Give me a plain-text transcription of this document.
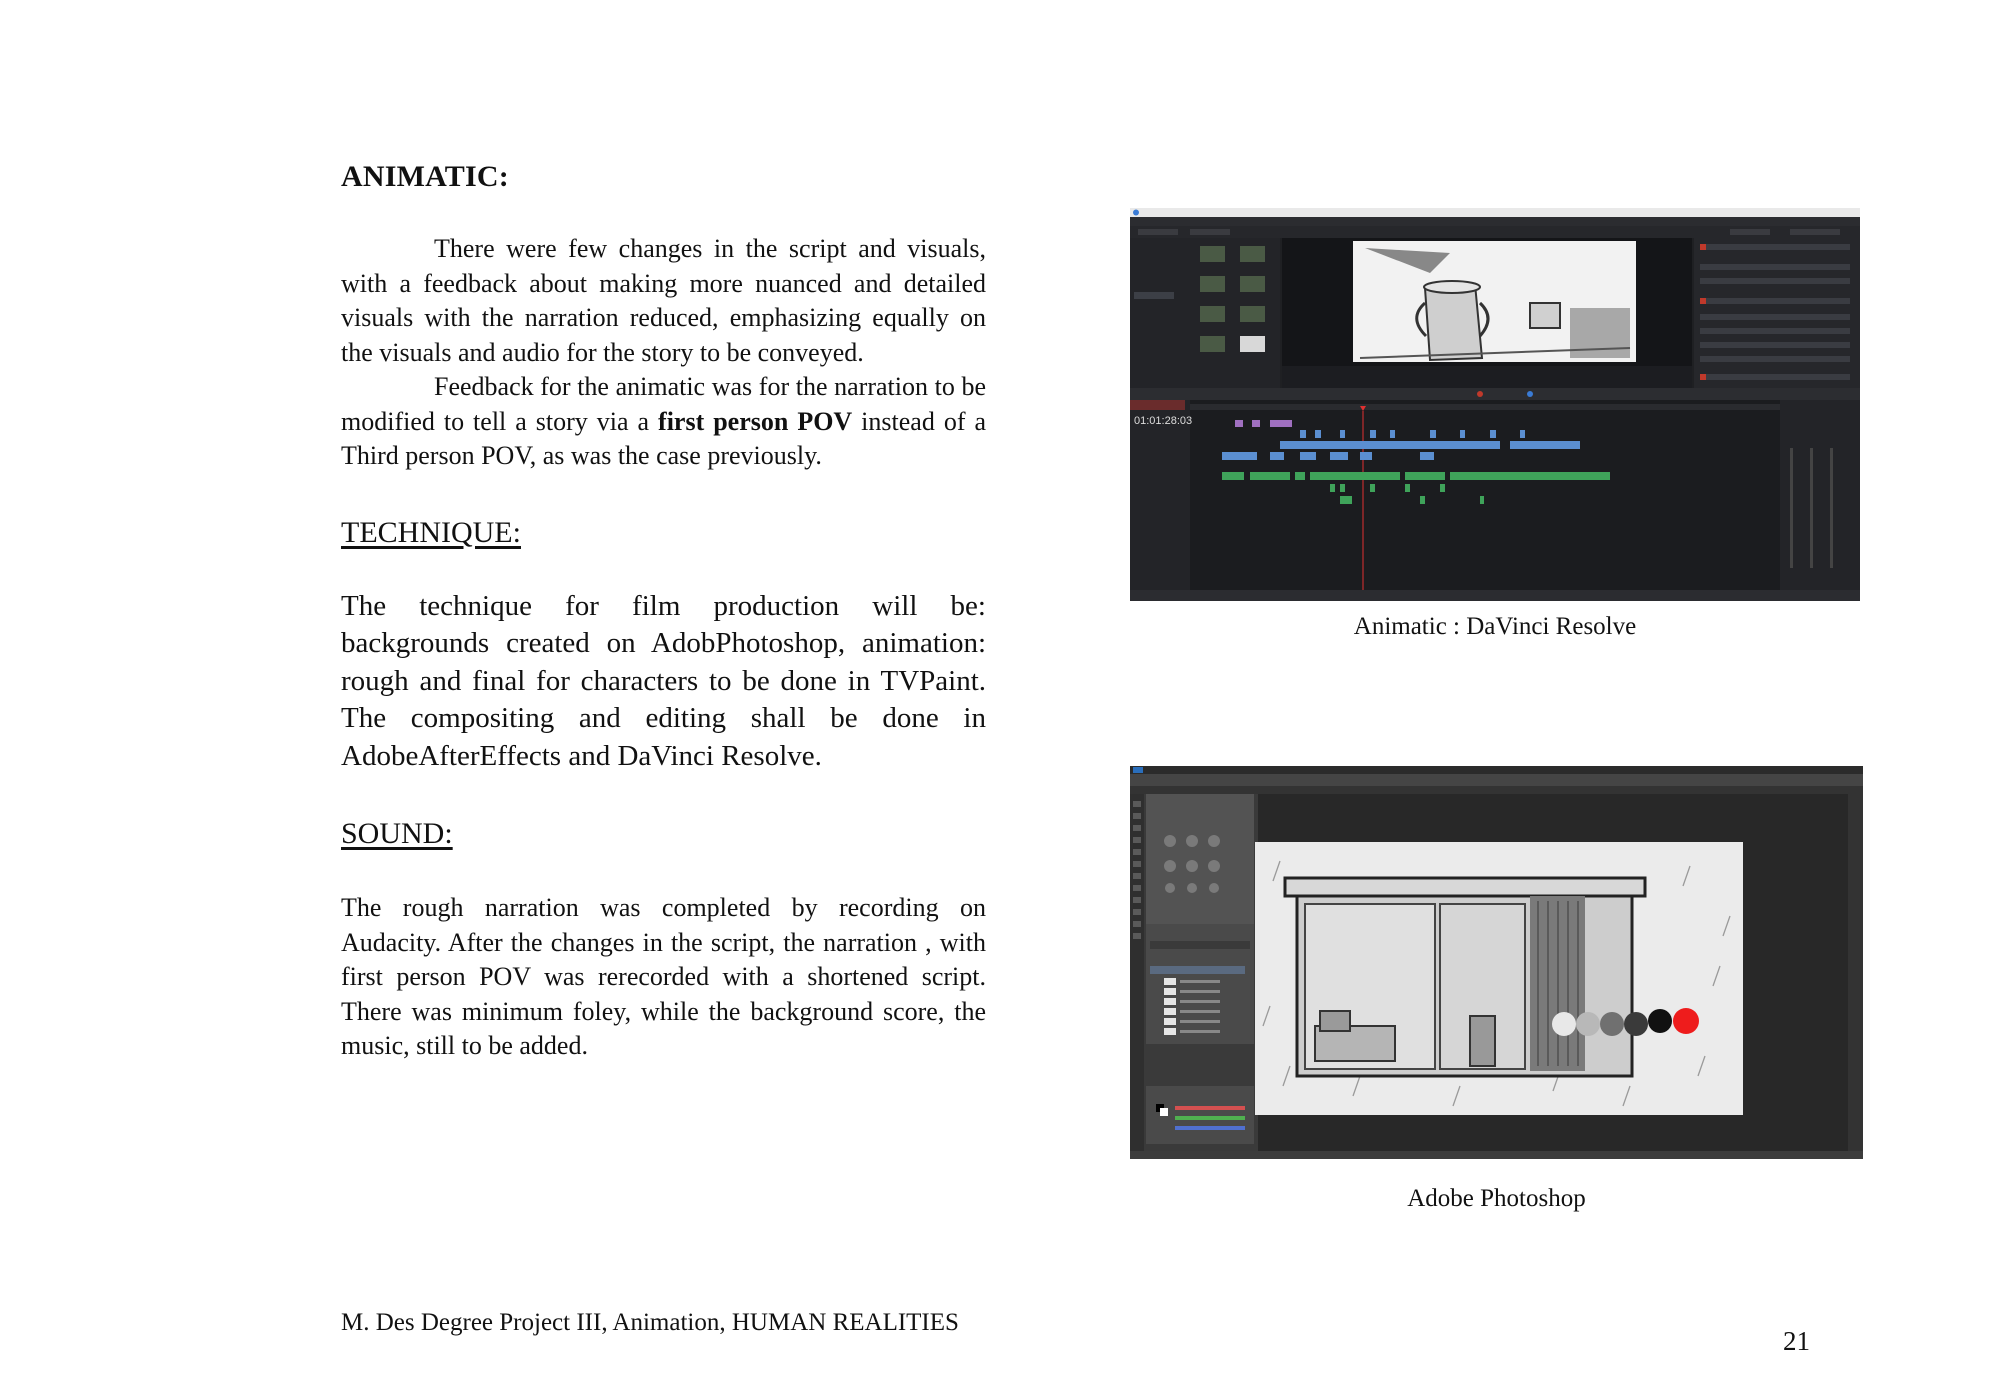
ANIMATIC:

There were few changes in the script and visuals, with a feedback about making more nuanced and detailed visuals with the narration reduced, emphasizing equally on the visuals and audio for the story to be conveyed.

Feedback for the animatic was for the narration to be modified to tell a story via a first person POV instead of a Third person POV, as was the case previously.

TECHNIQUE:

The technique for film production will be: backgrounds created on AdobPhotoshop, animation: rough and final for characters to be done in TVPaint. The compositing and editing shall be done in AdobeAfterEffects and DaVinci Resolve.

SOUND:

The rough narration was completed by recording on Audacity. After the changes in the script, the narration , with first person POV was rerecorded with a shortened script. There was minimum foley, while the background score, the music, still to be added.

01:01:28:03
Animatic : DaVinci Resolve
Adobe Photoshop
M. Des Degree Project III, Animation, HUMAN REALITIES
21
